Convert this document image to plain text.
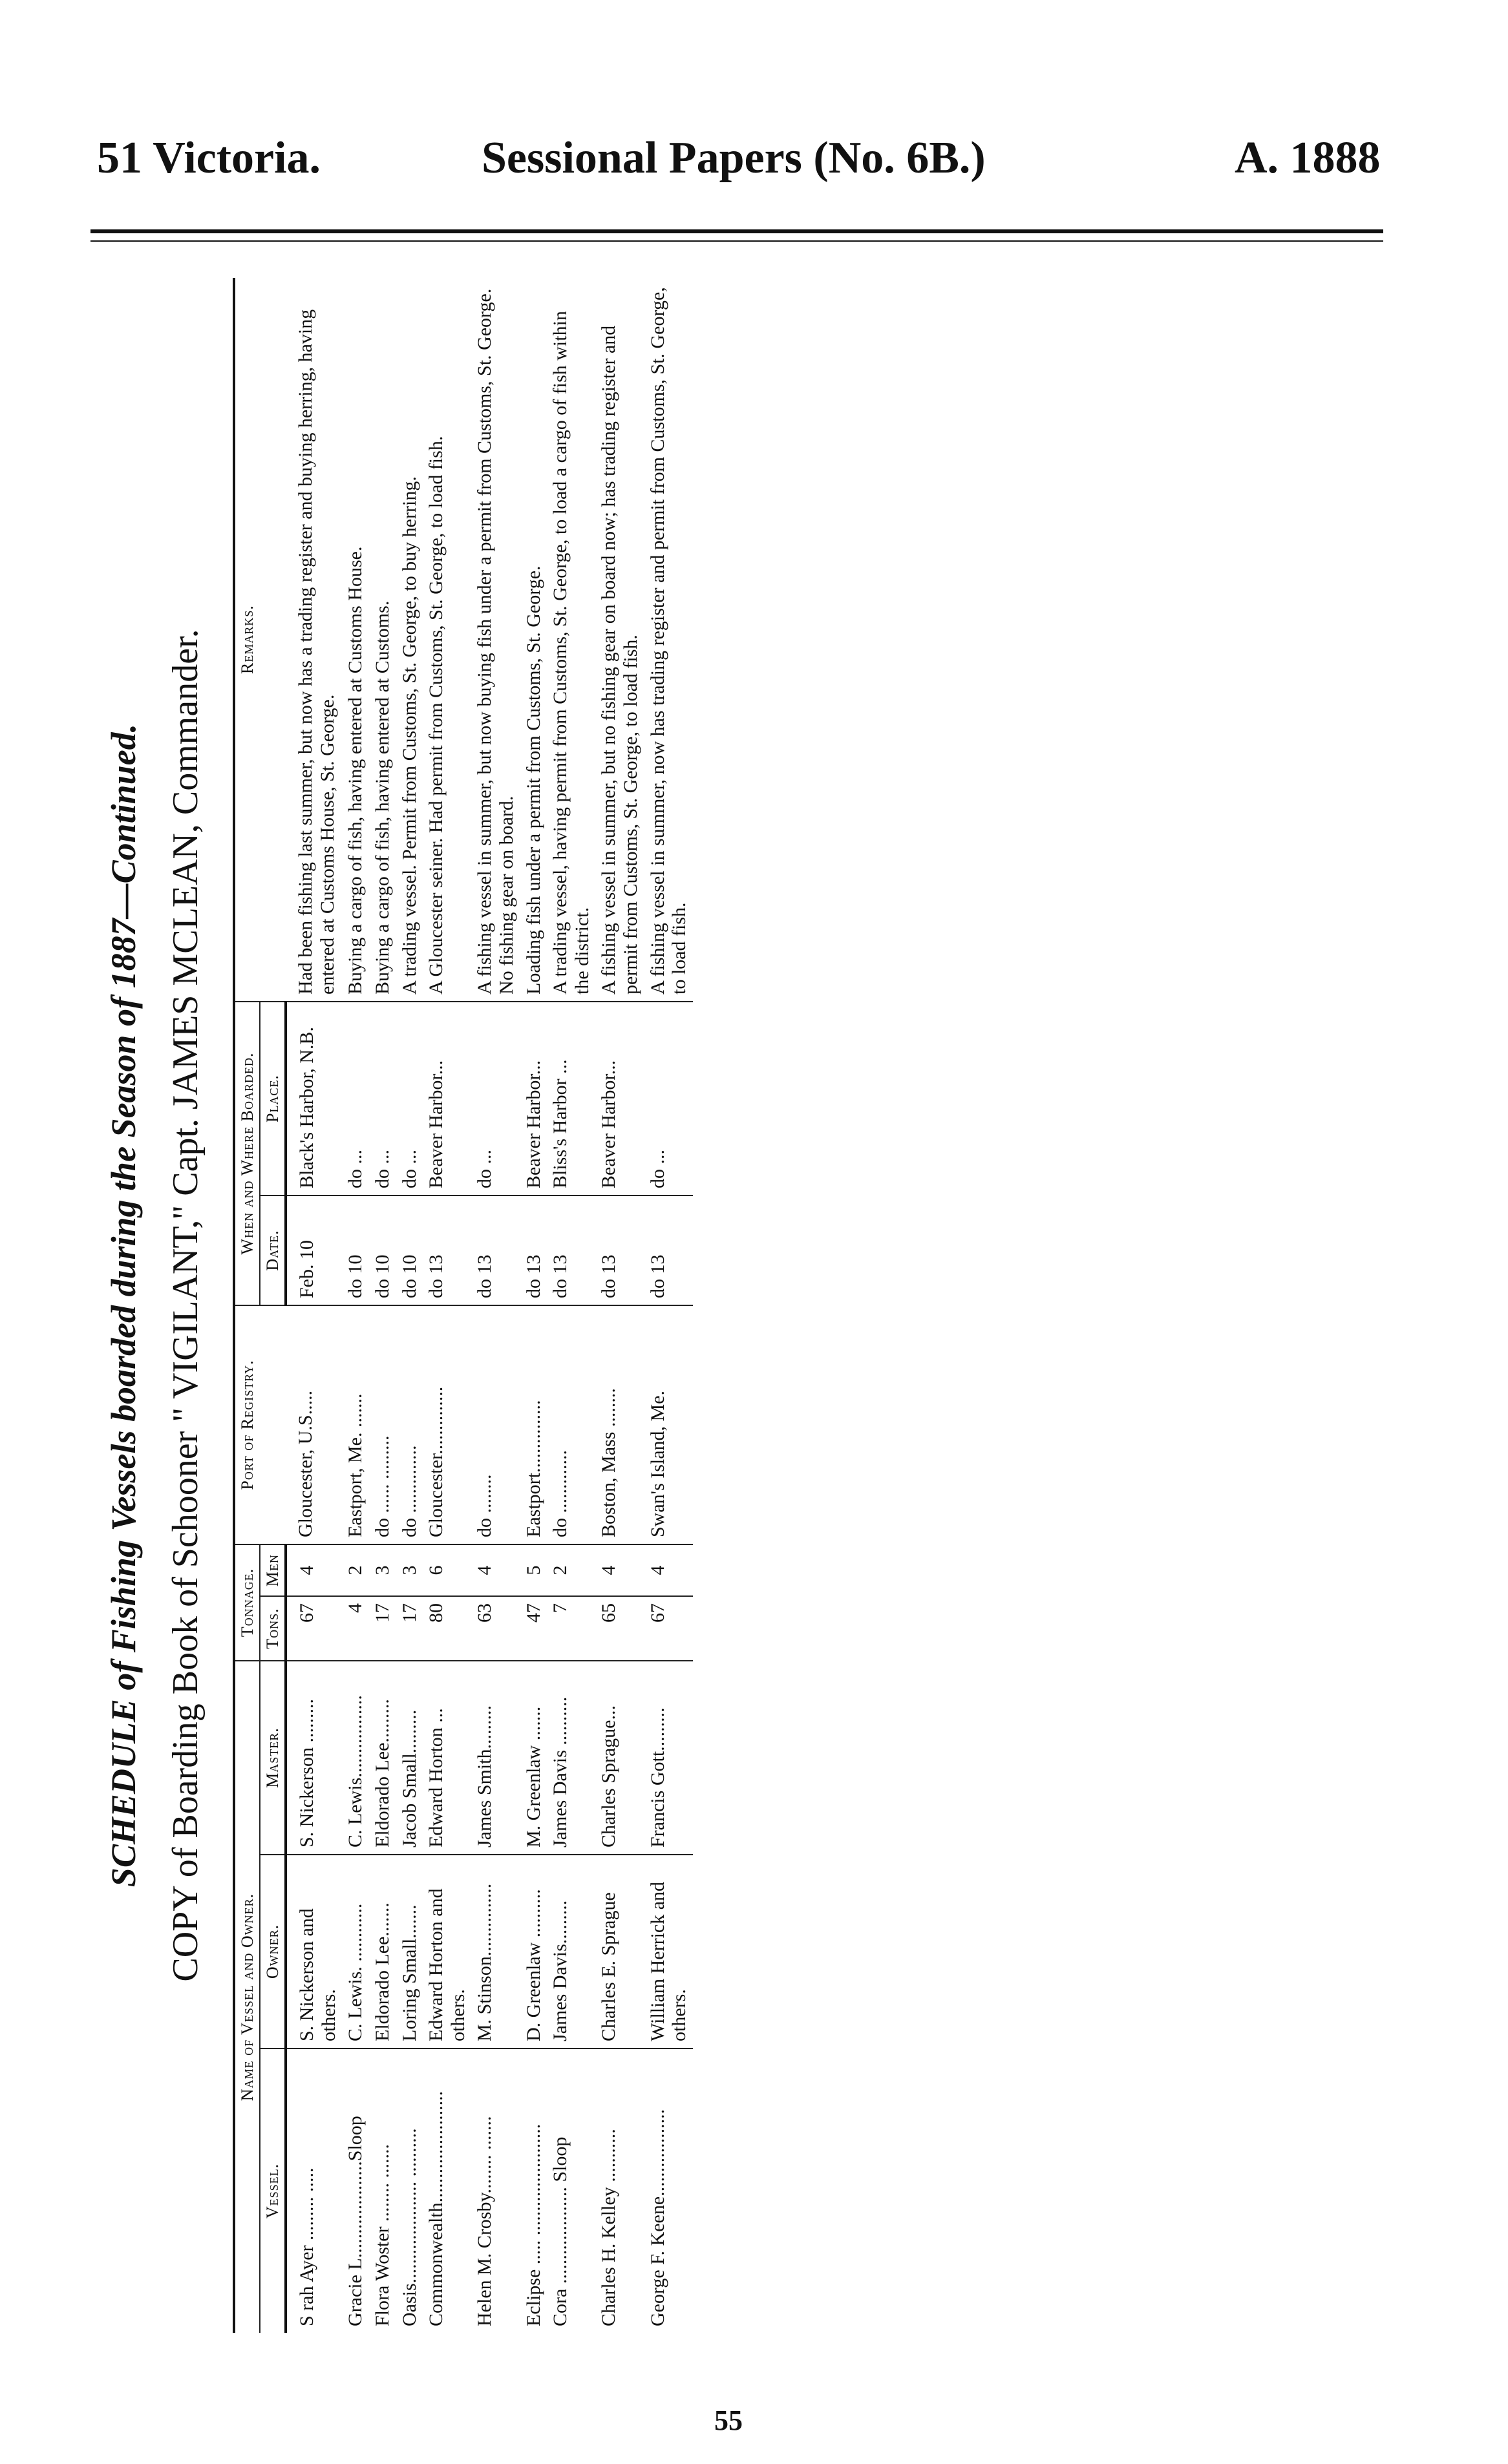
51 Victoria.	Sessional Papers (No. 6B.)	A. 1888
SCHEDULE of Fishing Vessels boarded during the Season of 1887—Continued. COPY of Boarding Book of Schooner " VIGILANT," Capt. JAMES MCLEAN, Commander.
Name of Vessel and Owner.			Tonnage.		Port of Registry.	When and Where Boarded.		Remarks.
Vessel.	Owner.	Master.	Tons.	Men		Date.	Place.	
S rah Ayer ......... .....	S. Nickerson and others.	S. Nickerson .........	67	4	Gloucester, U.S.....	Feb. 10	Black's Harbor, N.B.	Had been fishing last summer, but now has a trading register and buying herring, having entered at Customs House, St. George.
Gracie L....................Sloop	C. Lewis. ............	C. Lewis.................	4	2	Eastport, Me. .......	do 10	do ...	Buying a cargo of fish, having entered at Customs House.
Flora Woster ........ .......	Eldorado Lee.......	Eldorado Lee.........	17	3	do ...... .........	do 10	do ...	Buying a cargo of fish, having entered at Customs.
Oasis..................... ..........	Loring Small.......	Jacob Small.........	17	3	do ..............	do 10	do ...	A trading vessel. Permit from Customs, St. George, to buy herring.
Commonwealth.......................	Edward Horton and others.	Edward Horton ...	80	6	Gloucester..............	do 13	Beaver Harbor...	A Gloucester seiner. Had permit from Customs, St. George, to load fish.
Helen M. Crosby........ .......	M. Stinson...............	James Smith.........	63	4	do ........	do 13	do ...	A fishing vessel in summer, but now buying fish under a permit from Customs, St. George. No fishing gear on board.
Eclipse ..... .......................	D. Greenlaw ..........	M. Greenlaw .......	47	5	Eastport...............	do 13	Beaver Harbor...	Loading fish under a permit from Customs, St. George.
Cora .................... Sloop	James Davis.........	James Davis ..........	7	2	do .............	do 13	Bliss's Harbor ...	A trading vessel, having permit from Customs, St. George, to load a cargo of fish within the district.
Charles H. Kelley ...........	Charles E. Sprague	Charles Sprague...	65	4	Boston, Mass ........	do 13	Beaver Harbor...	A fishing vessel in summer, but no fishing gear on board now; has trading register and permit from Customs, St. George, to load fish.
George F. Keene..................	William Herrick and others.	Francis Gott.........	67	4	Swan's Island, Me.	do 13	do ...	A fishing vessel in summer, now has trading register and permit from Customs, St. George, to load fish.
55
